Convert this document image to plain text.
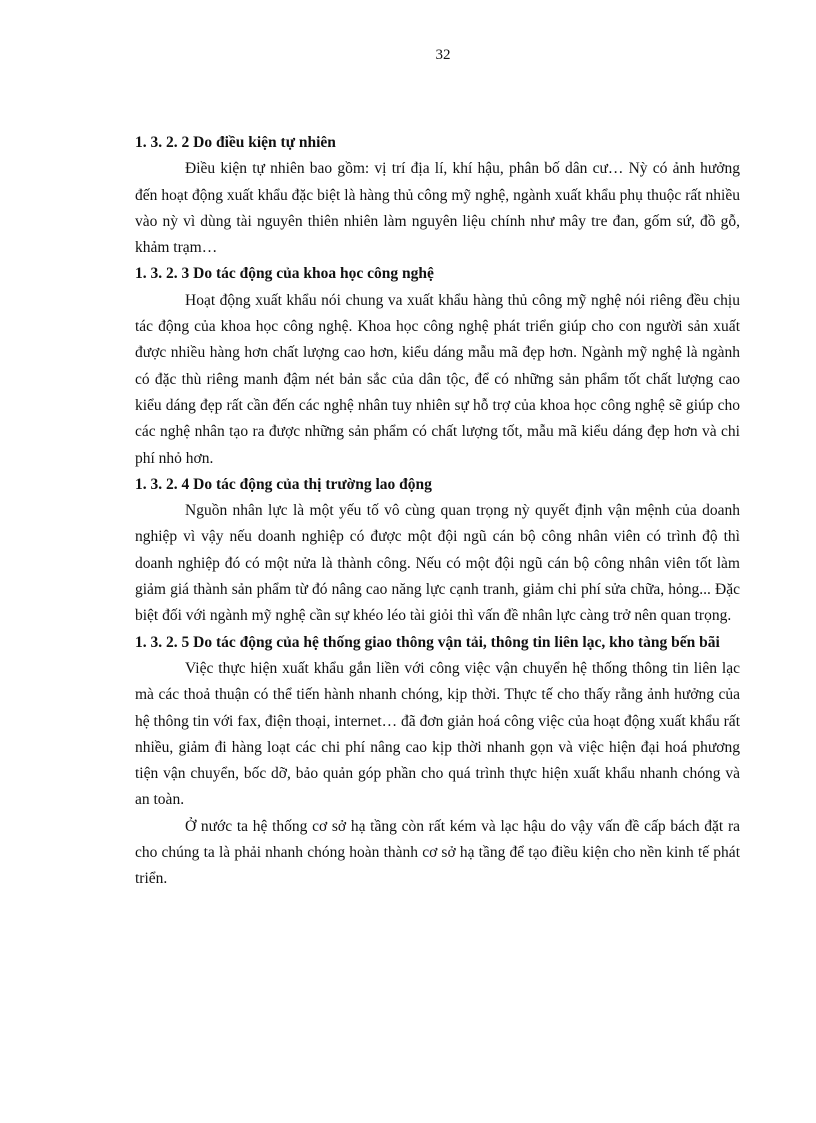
32

1. 3. 2. 2 Do điều kiện tự nhiên

Điều kiện tự nhiên bao gồm: vị trí địa lí, khí hậu, phân bố dân cư… Nỳ có ảnh hưởng đến hoạt động xuất khẩu đặc biệt là hàng thủ công mỹ nghệ, ngành xuất khẩu phụ thuộc rất nhiều vào nỳ vì dùng tài nguyên thiên nhiên làm nguyên liệu chính như mây tre đan, gốm sứ, đồ gỗ, khảm trạm…

1. 3. 2. 3 Do tác động của khoa học công nghệ

Hoạt động xuất khẩu nói chung va xuất khẩu hàng thủ công mỹ nghệ nói riêng đều chịu tác động của khoa học công nghệ. Khoa học công nghệ phát triển giúp cho con người sản xuất được nhiều hàng hơn chất lượng cao hơn, kiểu dáng mẫu mã đẹp hơn. Ngành mỹ nghệ là ngành có đặc thù riêng manh đậm nét bản sắc của dân tộc, để có những sản phẩm tốt chất lượng cao kiểu dáng đẹp rất cần đến các nghệ nhân tuy nhiên sự hỗ trợ của khoa học công nghệ sẽ giúp cho các nghệ nhân tạo ra được những sản phẩm có chất lượng tốt, mẫu mã kiểu dáng đẹp hơn và chi phí nhỏ hơn.

1. 3. 2. 4 Do tác động của thị trường lao động

Nguồn nhân lực là một yếu tố vô cùng quan trọng nỳ quyết định vận mệnh của doanh nghiệp vì vậy nếu doanh nghiệp có được một đội ngũ cán bộ công nhân viên có trình độ thì doanh nghiệp đó có một nửa là thành công. Nếu có một đội ngũ cán bộ công nhân viên tốt làm giảm giá thành sản phẩm từ đó nâng cao năng lực cạnh tranh, giảm chi phí sửa chữa, hỏng... Đặc biệt đối với ngành mỹ nghệ cần sự khéo léo tài giỏi thì vấn đề nhân lực càng trở nên quan trọng.

1. 3. 2. 5 Do tác động của hệ thống giao thông vận tải, thông tin liên lạc, kho tàng bến bãi

Việc thực hiện xuất khẩu gắn liền với công việc vận chuyển hệ thống thông tin liên lạc mà các thoả thuận có thể tiến hành nhanh chóng, kịp thời. Thực tế cho thấy rằng ảnh hưởng của hệ thông tin với fax, điện thoại, internet… đã đơn giản hoá công việc của hoạt động xuất khẩu rất nhiều, giảm đi hàng loạt các chi phí nâng cao kịp thời nhanh gọn và việc hiện đại hoá phương tiện vận chuyển, bốc dỡ, bảo quản góp phần cho quá trình thực hiện xuất khẩu nhanh chóng và an toàn.

Ở nước ta hệ thống cơ sở hạ tầng còn rất kém và lạc hậu do vậy vấn đề cấp bách đặt ra cho chúng ta là phải nhanh chóng hoàn thành cơ sở hạ tầng để tạo điều kiện cho nền kinh tế phát triển.
